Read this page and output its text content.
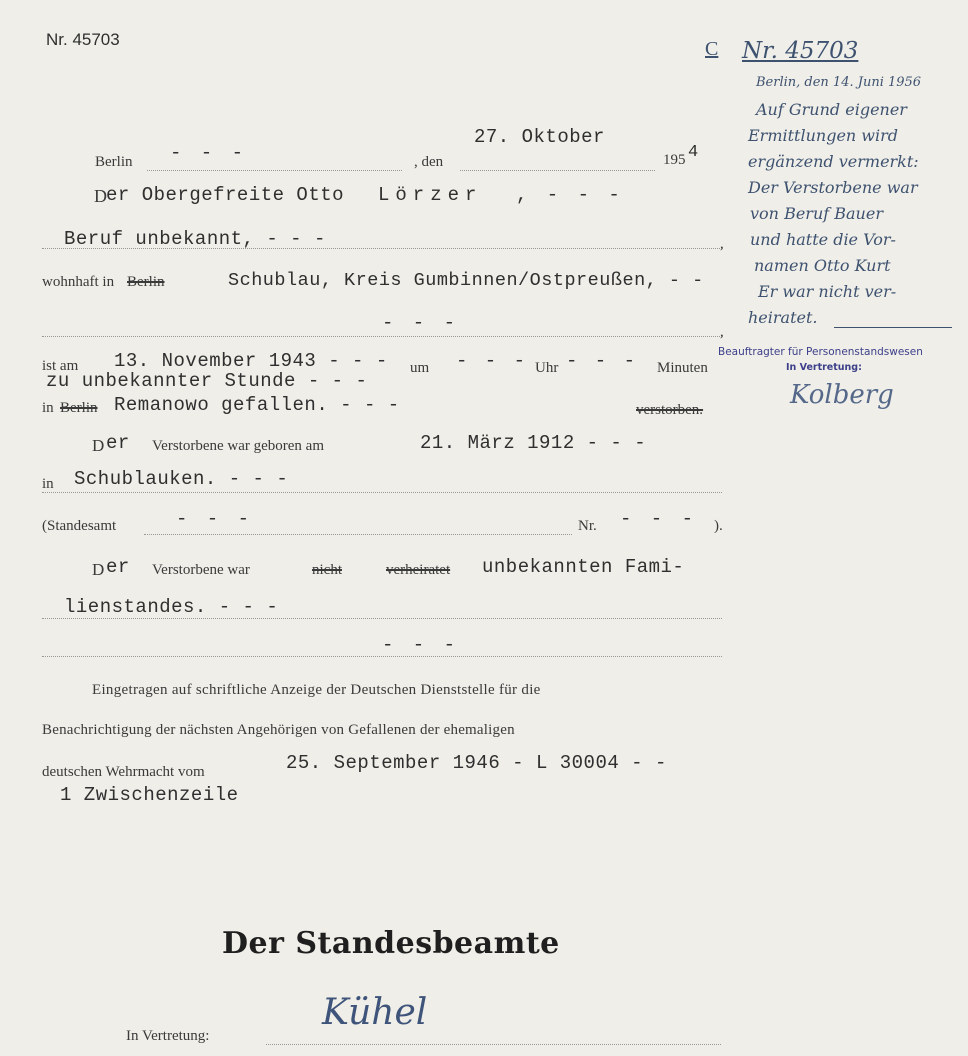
Nr. 45703
Berlin - - -	, den
27. Oktober
195 4
D er Obergefreite Otto Lörzer , - - -
Beruf unbekannt, - - -	,
wohnhaft in Berlin	Schublau, Kreis Gumbinnen/Ostpreußen, - -
- - -	,
ist am 13. November 1943 - - - um - - - Uhr - - - Minuten
zu unbekannter Stunde - - -
in Berlin Remanowo gefallen. - - -	verstorben.
D er Verstorbene war geboren am	21. März 1912 - - -
in Schublauken. - - -
(Standesamt	- - -	Nr. - - - ).
D er Verstorbene war	nicht	verheiratet unbekannten Fami-
lienstandes. - - -
- - -
Eingetragen auf schriftliche Anzeige der Deutschen Dienststelle für die
Benachrichtigung der nächsten Angehörigen von Gefallenen der ehemaligen
deutschen Wehrmacht vom	25. September 1946 - L 30004 - -
1 Zwischenzeile
Der Standesbeamte
In Vertretung:
Kühel
C Nr. 45703
Berlin, den 14. Juni 1956
Auf Grund eigener
Ermittlungen wird
ergänzend vermerkt:
Der Verstorbene war
von Beruf Bauer
und hatte die Vor-
namen Otto Kurt
Er war nicht ver-
heiratet.
Beauftragter für Personenstandswesen
In Vertretung:
Kolberg
